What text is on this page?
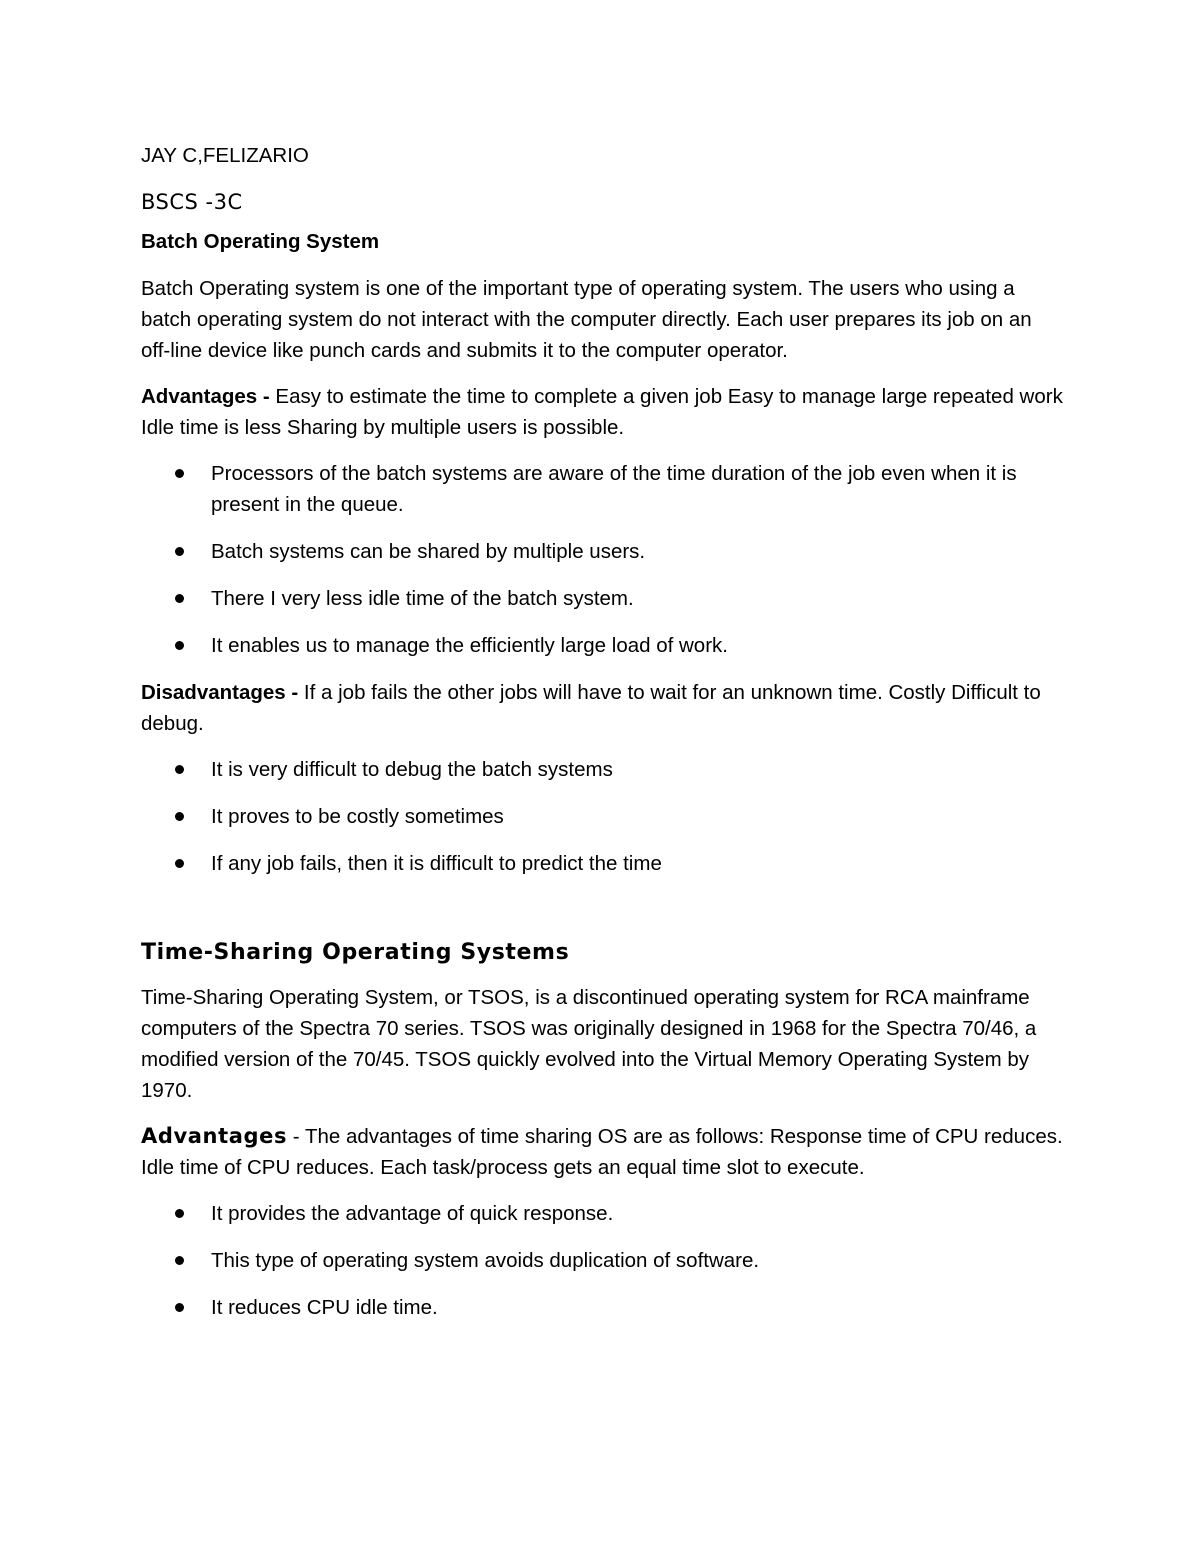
JAY C,FELIZARIO

BSCS -3C

Batch Operating System

Batch Operating system is one of the important type of operating system. The users who using a batch operating system do not interact with the computer directly. Each user prepares its job on an off-line device like punch cards and submits it to the computer operator.

Advantages - Easy to estimate the time to complete a given job Easy to manage large repeated work Idle time is less Sharing by multiple users is possible.

Processors of the batch systems are aware of the time duration of the job even when it is present in the queue.
Batch systems can be shared by multiple users.
There I very less idle time of the batch system.
It enables us to manage the efficiently large load of work.

Disadvantages - If a job fails the other jobs will have to wait for an unknown time. Costly Difficult to debug.

It is very difficult to debug the batch systems
It proves to be costly sometimes
If any job fails, then it is difficult to predict the time

Time-Sharing Operating Systems

Time-Sharing Operating System, or TSOS, is a discontinued operating system for RCA mainframe computers of the Spectra 70 series. TSOS was originally designed in 1968 for the Spectra 70/46, a modified version of the 70/45. TSOS quickly evolved into the Virtual Memory Operating System by 1970.

Advantages - The advantages of time sharing OS are as follows: Response time of CPU reduces. Idle time of CPU reduces. Each task/process gets an equal time slot to execute.

It provides the advantage of quick response.
This type of operating system avoids duplication of software.
It reduces CPU idle time.
